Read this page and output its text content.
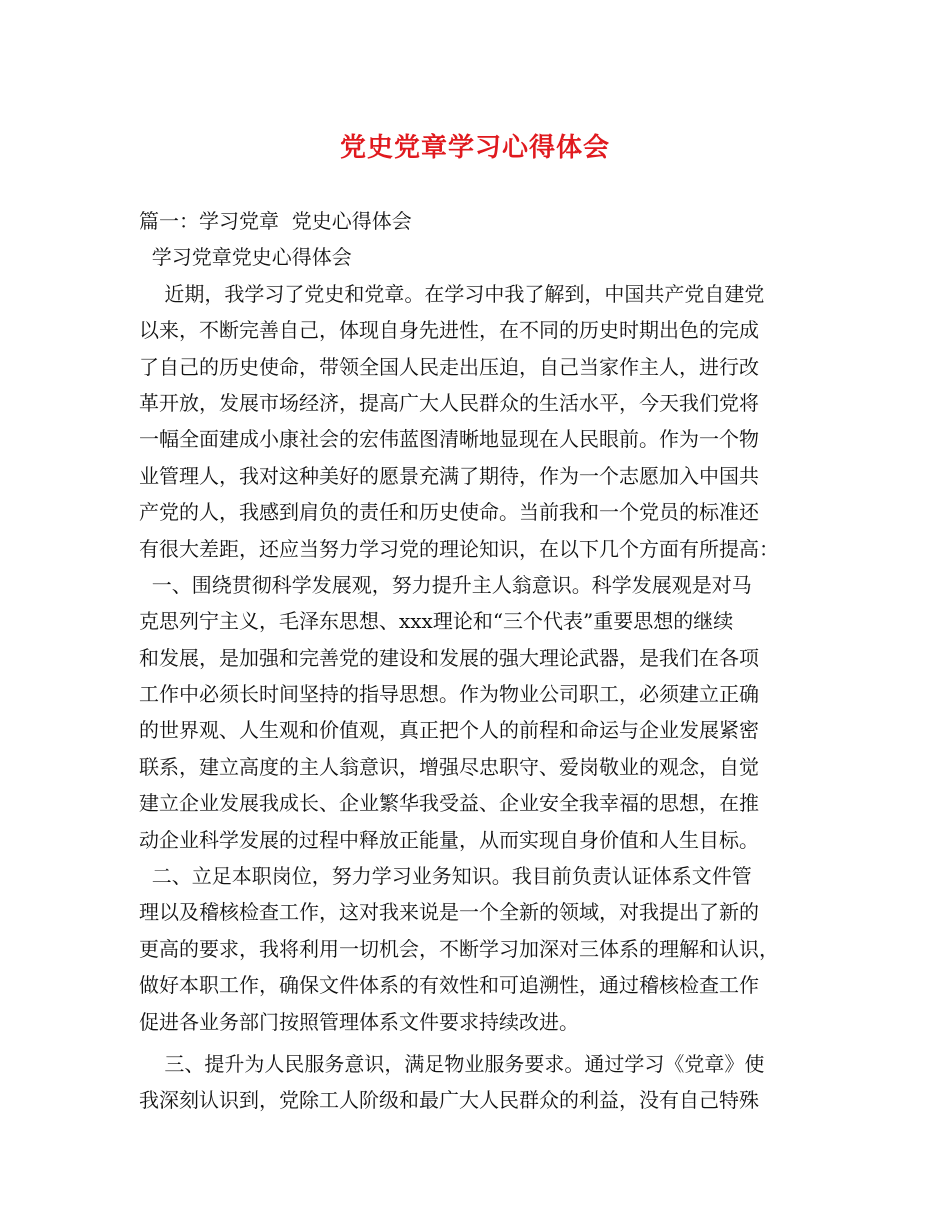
党史党章学习心得体会
篇一：学习党章  党史心得体会
学习党章党史心得体会
近期，我学习了党史和党章。在学习中我了解到，中国共产党自建党
以来，不断完善自己，体现自身先进性，在不同的历史时期出色的完成
了自己的历史使命，带领全国人民走出压迫，自己当家作主人，进行改
革开放，发展市场经济，提高广大人民群众的生活水平，今天我们党将
一幅全面建成小康社会的宏伟蓝图清晰地显现在人民眼前。作为一个物
业管理人，我对这种美好的愿景充满了期待，作为一个志愿加入中国共
产党的人，我感到肩负的责任和历史使命。当前我和一个党员的标准还
有很大差距，还应当努力学习党的理论知识，在以下几个方面有所提高：
一、围绕贯彻科学发展观，努力提升主人翁意识。科学发展观是对马
克思列宁主义，毛泽东思想、xxx理论和“三个代表”重要思想的继续
和发展，是加强和完善党的建设和发展的强大理论武器，是我们在各项
工作中必须长时间坚持的指导思想。作为物业公司职工，必须建立正确
的世界观、人生观和价值观，真正把个人的前程和命运与企业发展紧密
联系，建立高度的主人翁意识，增强尽忠职守、爱岗敬业的观念，自觉
建立企业发展我成长、企业繁华我受益、企业安全我幸福的思想，在推
动企业科学发展的过程中释放正能量，从而实现自身价值和人生目标。
二、立足本职岗位，努力学习业务知识。我目前负责认证体系文件管
理以及稽核检查工作，这对我来说是一个全新的领域，对我提出了新的
更高的要求，我将利用一切机会，不断学习加深对三体系的理解和认识，
做好本职工作，确保文件体系的有效性和可追溯性，通过稽核检查工作
促进各业务部门按照管理体系文件要求持续改进。
三、提升为人民服务意识，满足物业服务要求。通过学习《党章》使
我深刻认识到，党除工人阶级和最广大人民群众的利益，没有自己特殊
